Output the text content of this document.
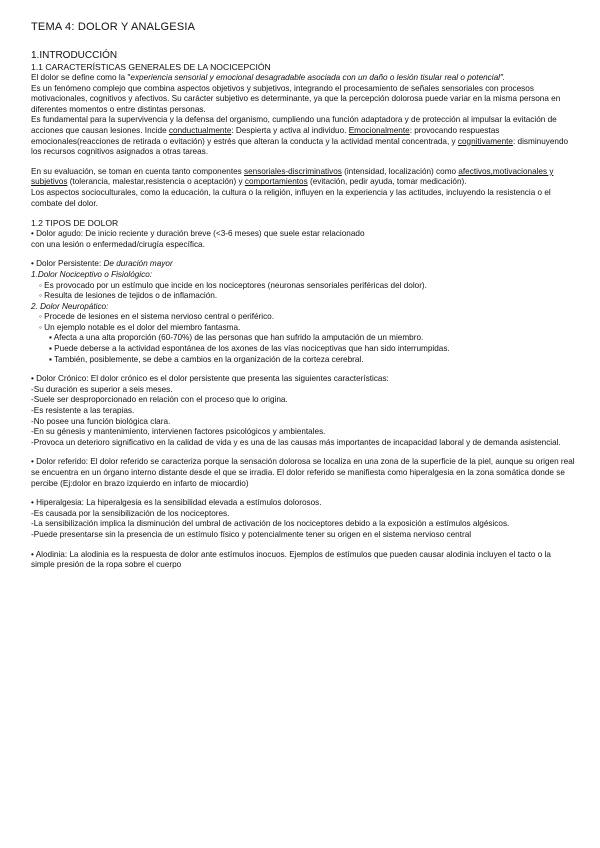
TEMA 4: DOLOR Y ANALGESIA

1.INTRODUCCIÓN

1.1 CARACTERÍSTICAS GENERALES DE LA NOCICEPCIÓN

El dolor se define como la "experiencia sensorial y emocional desagradable asociada con un daño o lesión tisular real o potencial".

Es un fenómeno complejo que combina aspectos objetivos y subjetivos, integrando el procesamiento de señales sensoriales con procesos motivacionales, cognitivos y afectivos. Su carácter subjetivo es determinante, ya que la percepción dolorosa puede variar en la misma persona en diferentes momentos o entre distintas personas.

Es fundamental para la supervivencia y la defensa del organismo, cumpliendo una función adaptadora y de protección al impulsar la evitación de acciones que causan lesiones. Incide conductualmente: Despierta y activa al individuo. Emocionalmente: provocando respuestas emocionales(reacciones de retirada o evitación) y estrés que alteran la conducta y la actividad mental concentrada, y cognitivamente: disminuyendo los recursos cognitivos asignados a otras tareas.

En su evaluación, se toman en cuenta tanto componentes sensoriales-discriminativos (intensidad, localización) como afectivos,motivacionales y subjetivos (tolerancia, malestar,resistencia o aceptación) y comportamientos (evitación, pedir ayuda, tomar medicación).

Los aspectos socioculturales, como la educación, la cultura o la religión, influyen en la experiencia y las actitudes, incluyendo la resistencia o el combate del dolor.

1.2 TIPOS DE DOLOR

• Dolor agudo: De inicio reciente y duración breve (<3-6 meses) que suele estar relacionado

con una lesión o enfermedad/cirugía específica.

• Dolor Persistente: De duración mayor

1.Dolor Nociceptivo o Fisiológico:

◦ Es provocado por un estímulo que incide en los nociceptores (neuronas sensoriales periféricas del dolor).

◦ Resulta de lesiones de tejidos o de inflamación.

2. Dolor Neuropático:

◦ Procede de lesiones en el sistema nervioso central o periférico.

◦ Un ejemplo notable es el dolor del miembro fantasma.

▪ Afecta a una alta proporción (60-70%) de las personas que han sufrido la amputación de un miembro.

▪ Puede deberse a la actividad espontánea de los axones de las vías nociceptivas que han sido interrumpidas.

▪ También, posiblemente, se debe a cambios en la organización de la corteza cerebral.

• Dolor Crónico: El dolor crónico es el dolor persistente que presenta las siguientes características:

-Su duración es superior a seis meses.

-Suele ser desproporcionado en relación con el proceso que lo origina.

-Es resistente a las terapias.

-No posee una función biológica clara.

-En su génesis y mantenimiento, intervienen factores psicológicos y ambientales.

-Provoca un deterioro significativo en la calidad de vida y es una de las causas más importantes de incapacidad laboral y de demanda asistencial.

• Dolor referido: El dolor referido se caracteriza porque la sensación dolorosa se localiza en una zona de la superficie de la piel, aunque su origen real se encuentra en un órgano interno distante desde el que se irradia. El dolor referido se manifiesta como hiperalgesia en la zona somática donde se percibe (Ej:dolor en brazo izquierdo en infarto de miocardio)

• Hiperalgesia: La hiperalgesia es la sensibilidad elevada a estímulos dolorosos.

-Es causada por la sensibilización de los nociceptores.

-La sensibilización implica la disminución del umbral de activación de los nociceptores debido a la exposición a estímulos algésicos.

-Puede presentarse sin la presencia de un estímulo físico y potencialmente tener su origen en el sistema nervioso central

• Alodinia: La alodinia es la respuesta de dolor ante estímulos inocuos. Ejemplos de estímulos que pueden causar alodinia incluyen el tacto o la simple presión de la ropa sobre el cuerpo
